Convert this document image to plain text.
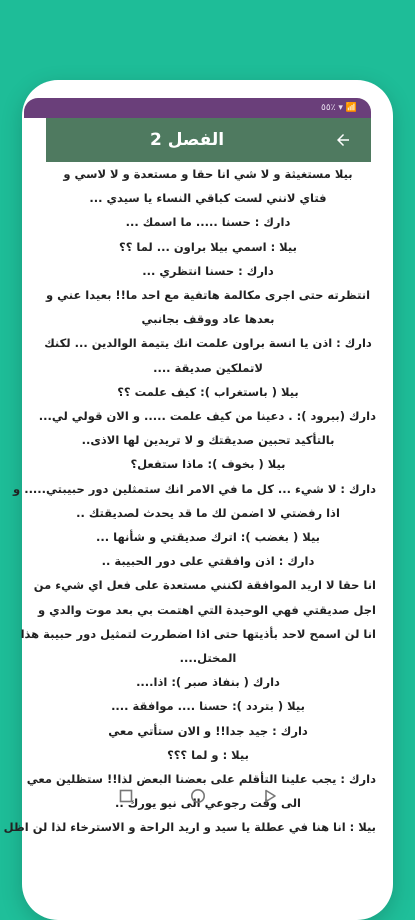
٥٥٪ ▾ 📶
الفصل 2

بيلا مستغيثة و لا شي انا حقا و مستعدة و لا لاسي و

فتاي لانني لست كباقي النساء يا سيدي ...

دارك : حسنا ..... ما اسمك ...

بيلا : اسمي بيلا براون ... لما ؟؟

دارك : حسنا انتظري ...

انتظرته حتى اجرى مكالمة هاتفية مع احد ما!! بعيدا عني و

بعدها عاد ووقف بجانبي

دارك : اذن يا انسة براون علمت انك يتيمة الوالدين ... لكنك

لاتملكين صديقة ....

بيلا ( باستغراب ): كيف علمت ؟؟

دارك (ببرود ): . دعينا من كيف علمت ..... و الان قولي لي...

بالتأكيد تحبين صديقتك و لا تريدين لها الاذى..

بيلا ( بخوف ): ماذا ستفعل؟

دارك : لا شيء ... كل ما في الامر انك ستمثلين دور حبيبتي..... و

اذا رفضتي لا اضمن لك ما قد يحدث لصديقتك ..

بيلا ( بغضب ): اترك صديقتي و شأنها ...

دارك : اذن وافقتي على دور الحبيبة ..

انا حقا لا اريد الموافقة لكنني مستعدة على فعل اي شيء من

اجل صديقتي فهي الوحيدة التي اهتمت بي بعد موت والدي و

انا لن اسمح لاحد بأذيتها حتى اذا اضطررت لتمثيل دور حبيبة هذا

المختل....

دارك ( بنفاذ صبر ): اذا....

بيلا ( بتردد ): حسنا .... موافقة ....

دارك : جيد جدا!! و الان ستأتي معي

بيلا : و لما ؟؟؟

دارك : يجب علينا التأقلم على بعضنا البعض لذا!! ستظلين معي

الى وقت رجوعي الى نيو يورك ..

بيلا : انا هنا في عطلة يا سيد و اريد الراحة و الاسترخاء لذا لن اظل
